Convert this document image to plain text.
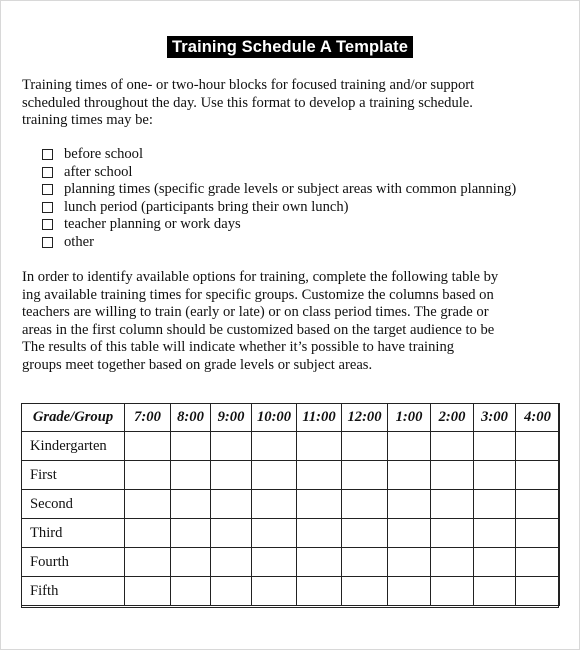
Training Schedule A Template

Training times of one- or two-hour blocks for focused training and/or support
scheduled throughout the day. Use this format to develop a training schedule.
training times may be:

before school
after school
planning times (specific grade levels or subject areas with common planning)
lunch period (participants bring their own lunch)
teacher planning or work days
other

In order to identify available options for training, complete the following table by
ing available training times for specific groups. Customize the columns based on
teachers are willing to train (early or late) or on class period times. The grade or
areas in the first column should be customized based on the target audience to be
The results of this table will indicate whether it’s possible to have training
groups meet together based on grade levels or subject areas.

Grade/Group	7:00	8:00	9:00	10:00	11:00	12:00	1:00	2:00	3:00	4:00
Kindergarten										
First										
Second										
Third										
Fourth										
Fifth										
